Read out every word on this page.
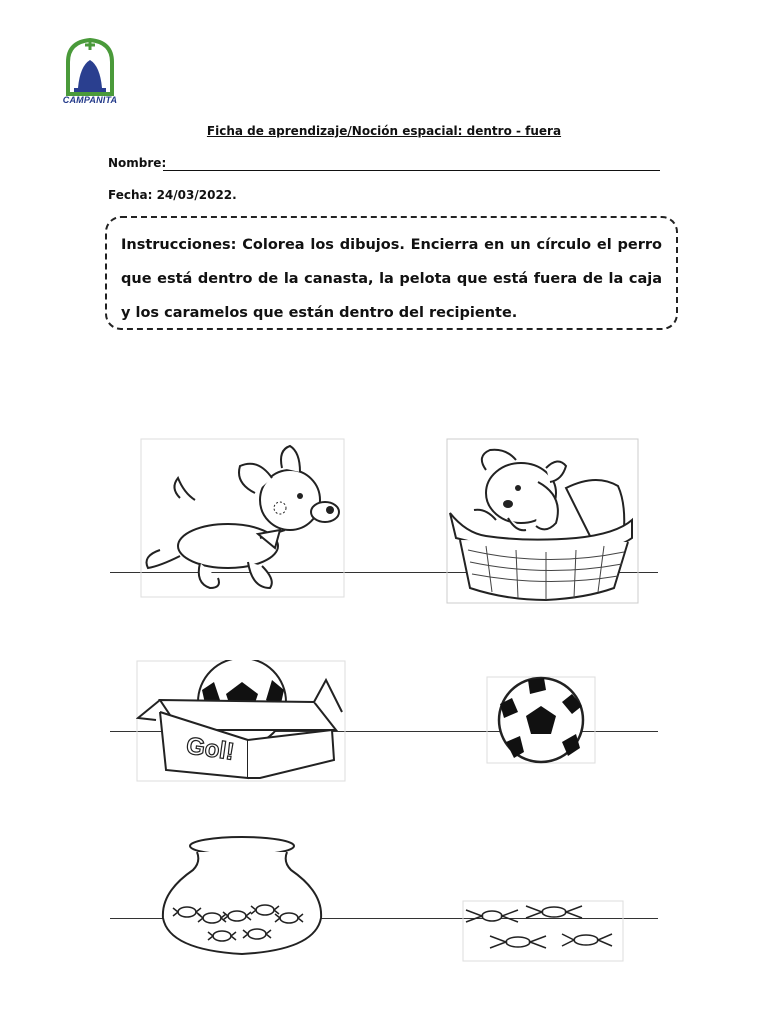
CAMPANITA
Ficha de aprendizaje/Noción espacial: dentro - fuera
Nombre:
Fecha: 24/03/2022.

Instrucciones: Colorea los dibujos. Encierra en un círculo el perro que está dentro de la canasta, la pelota que está fuera de la caja y los caramelos que están dentro del recipiente.

Gol!
